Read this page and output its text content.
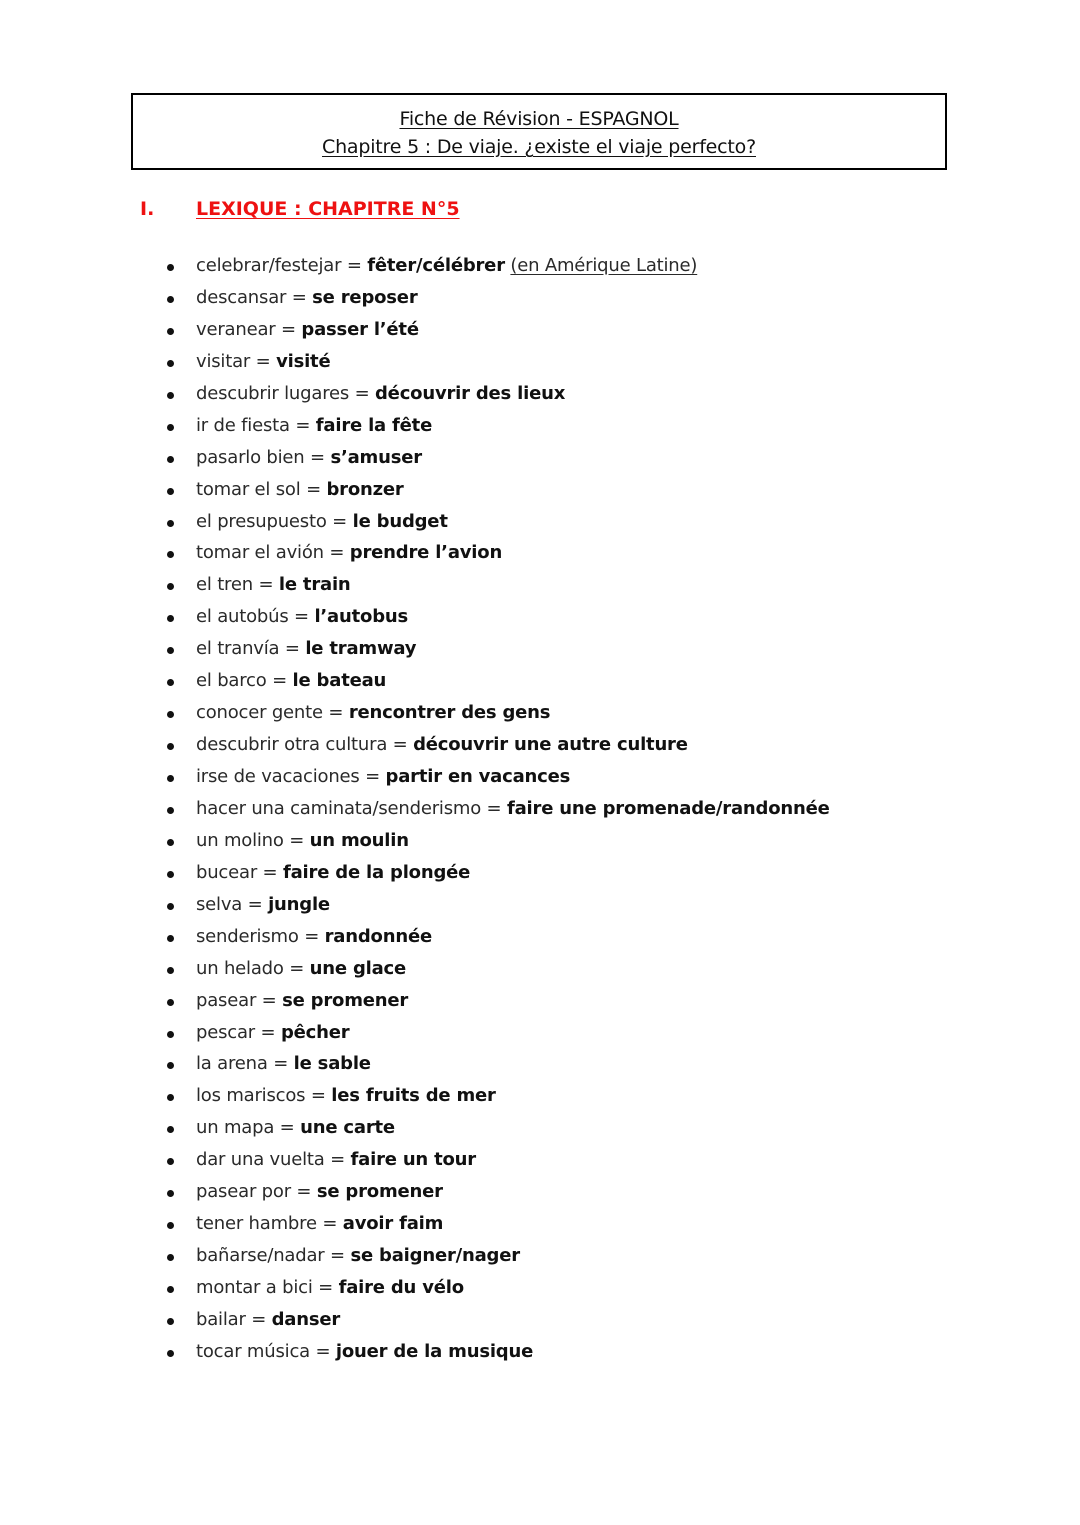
Fiche de Révision - ESPAGNOL
Chapitre 5 : De viaje. ¿existe el viaje perfecto?
I. LEXIQUE : CHAPITRE N°5
celebrar/festejar = fêter/célébrer (en Amérique Latine)
descansar = se reposer
veranear = passer l’été
visitar = visité
descubrir lugares = découvrir des lieux
ir de fiesta = faire la fête
pasarlo bien = s’amuser
tomar el sol = bronzer
el presupuesto = le budget
tomar el avión = prendre l’avion
el tren = le train
el autobús = l’autobus
el tranvía = le tramway
el barco = le bateau
conocer gente = rencontrer des gens
descubrir otra cultura = découvrir une autre culture
irse de vacaciones = partir en vacances
hacer una caminata/senderismo = faire une promenade/randonnée
un molino = un moulin
bucear = faire de la plongée
selva = jungle
senderismo = randonnée
un helado = une glace
pasear = se promener
pescar = pêcher
la arena = le sable
los mariscos = les fruits de mer
un mapa = une carte
dar una vuelta = faire un tour
pasear por = se promener
tener hambre = avoir faim
bañarse/nadar = se baigner/nager
montar a bici = faire du vélo
bailar = danser
tocar música = jouer de la musique
